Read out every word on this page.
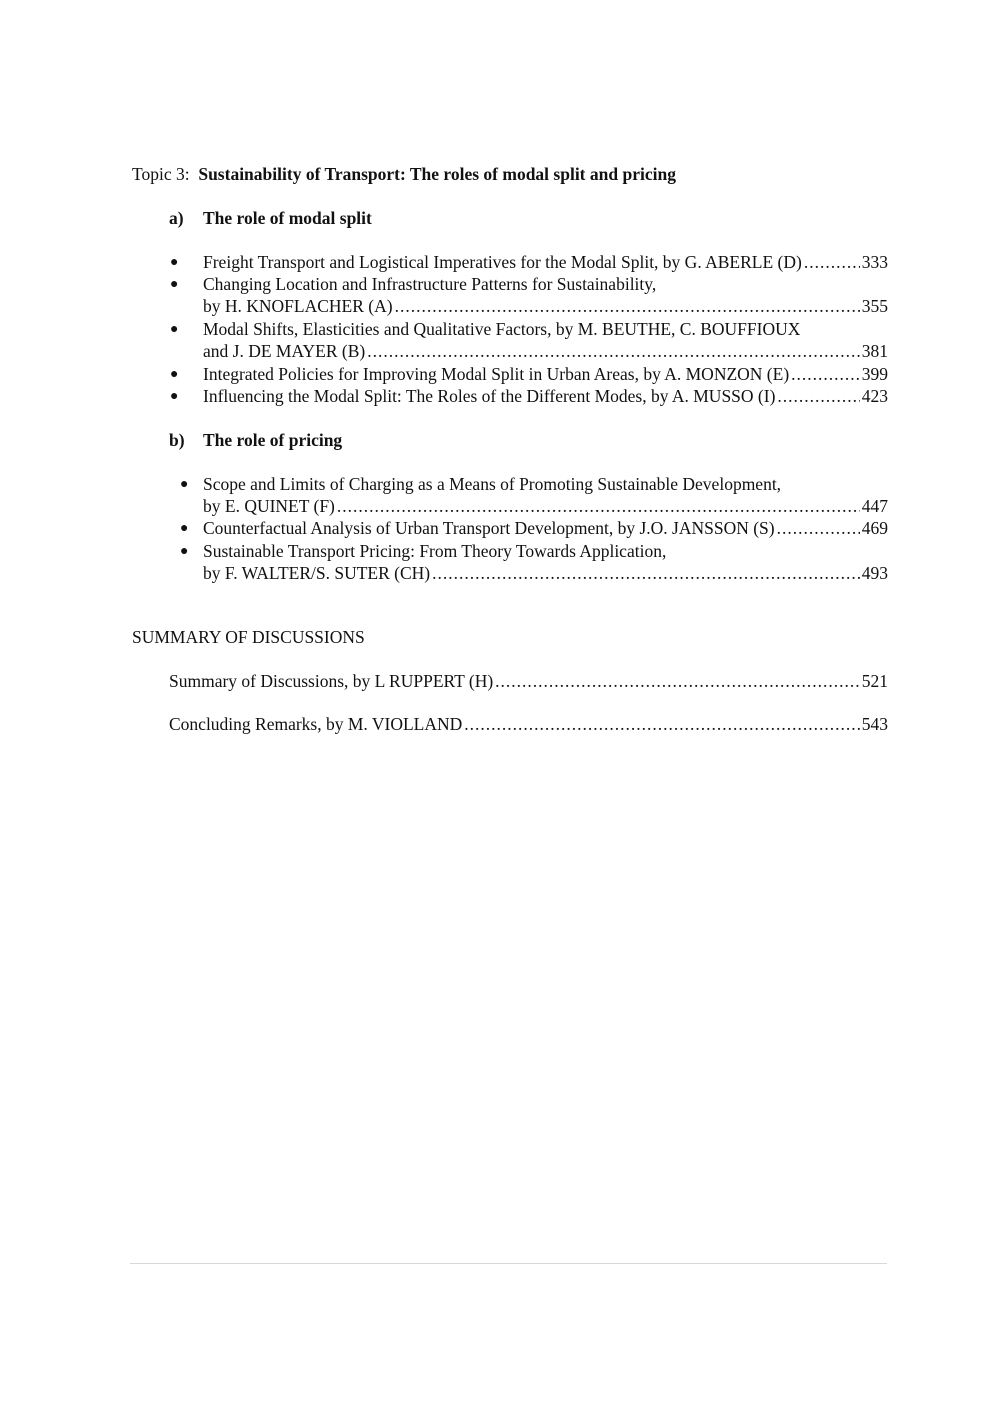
Topic 3: Sustainability of Transport: The roles of modal split and pricing
a) The role of modal split
● Freight Transport and Logistical Imperatives for the Modal Split, by G. ABERLE (D) .....	333
● Changing Location and Infrastructure Patterns for Sustainability,
by H. KNOFLACHER (A) .....	355
● Modal Shifts, Elasticities and Qualitative Factors, by M. BEUTHE, C. BOUFFIOUX
and J. DE MAYER (B) .....	381
● Integrated Policies for Improving Modal Split in Urban Areas, by A. MONZON (E) .....	399
● Influencing the Modal Split: The Roles of the Different Modes, by A. MUSSO (I) .....	423
b) The role of pricing
● Scope and Limits of Charging as a Means of Promoting Sustainable Development,
by E. QUINET (F) .....	447
● Counterfactual Analysis of Urban Transport Development, by J.O. JANSSON (S) .....	469
● Sustainable Transport Pricing: From Theory Towards Application,
by F. WALTER/S. SUTER (CH) .....	493
SUMMARY OF DISCUSSIONS
Summary of Discussions, by L RUPPERT (H) .....	521
Concluding Remarks, by M. VIOLLAND .....	543
